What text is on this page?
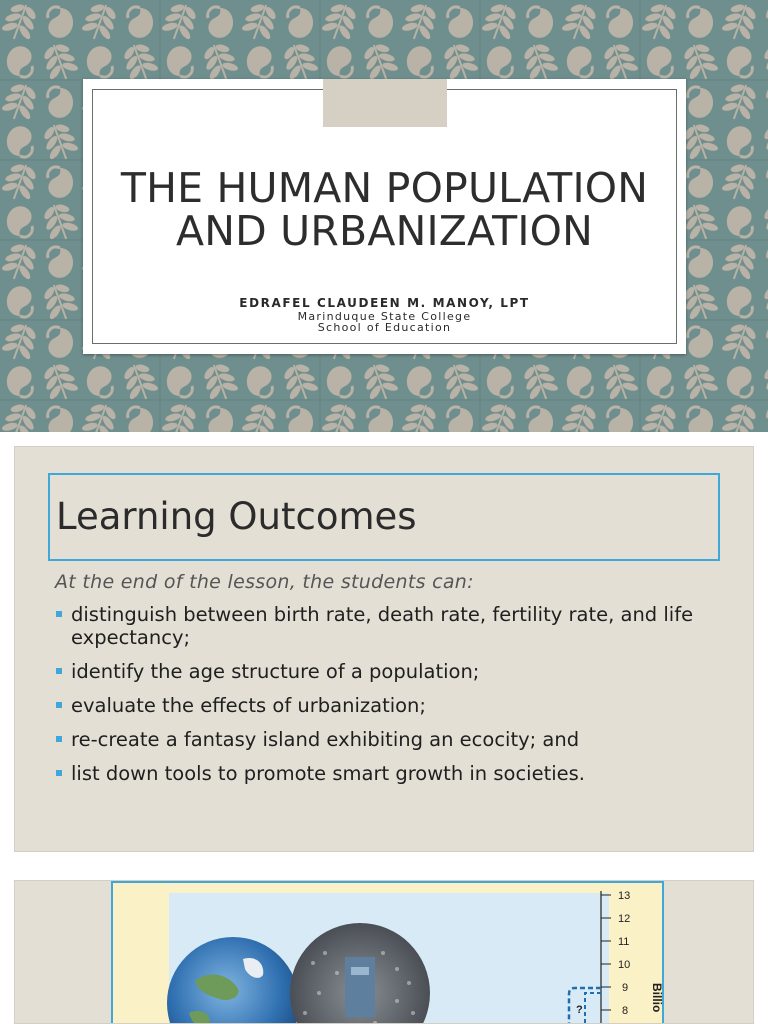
THE HUMAN POPULATION
AND URBANIZATION
EDRAFEL CLAUDEEN M. MANOY, LPT
Marinduque State College
School of Education
Learning Outcomes
At the end of the lesson, the students can:
distinguish between birth rate, death rate, fertility rate, and life expectancy;
identify the age structure of a population;
evaluate the effects of urbanization;
re-create a fantasy island exhibiting an ecocity; and
list down tools to promote smart growth in societies.
13
12
11
10
9
8 Billio
?
